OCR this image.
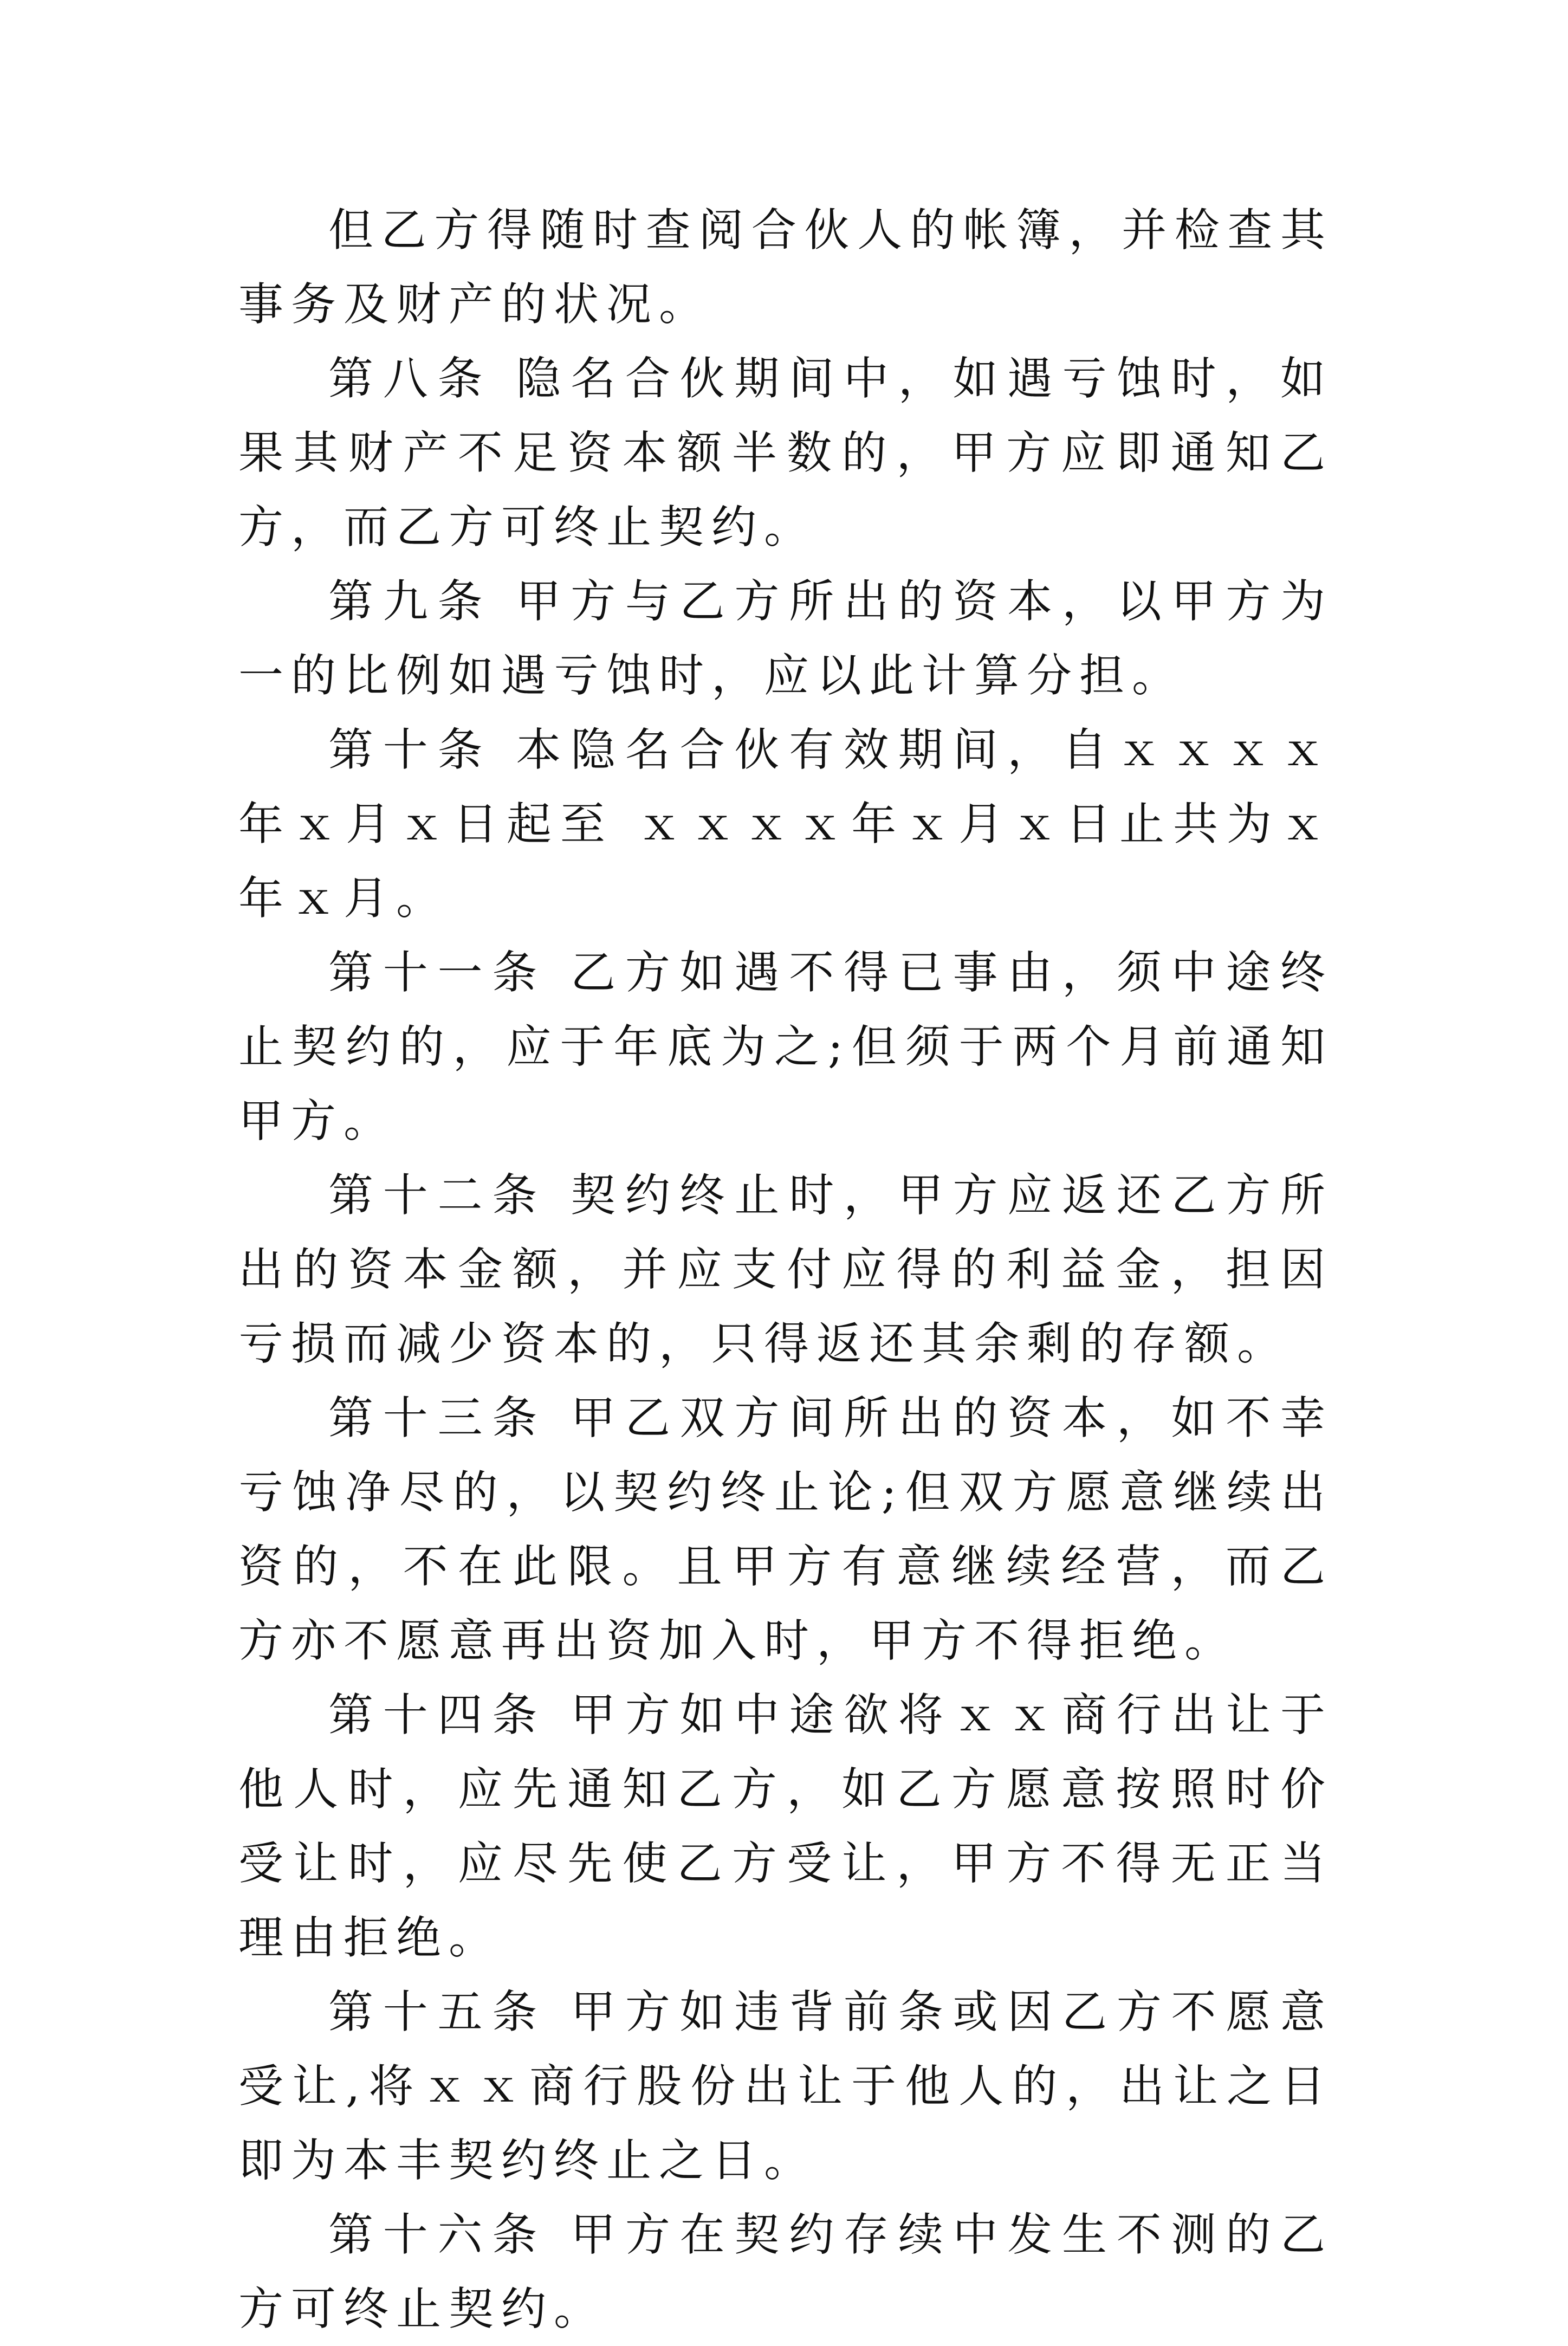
但乙方得随时查阅合伙人的帐簿，并检查其事务及财产的状况。

第八条 隐名合伙期间中，如遇亏蚀时，如果其财产不足资本额半数的，甲方应即通知乙方，而乙方可终止契约。

第九条 甲方与乙方所出的资本，以甲方为一的比例如遇亏蚀时，应以此计算分担。

第十条 本隐名合伙有效期间，自ｘｘｘｘ年ｘ月ｘ日起至 ｘｘｘｘ年ｘ月ｘ日止共为ｘ年ｘ月。

第十一条 乙方如遇不得已事由，须中途终止契约的，应于年底为之;但须于两个月前通知甲方。

第十二条 契约终止时，甲方应返还乙方所出的资本金额，并应支付应得的利益金，担因亏损而减少资本的，只得返还其余剩的存额。

第十三条 甲乙双方间所出的资本，如不幸亏蚀净尽的，以契约终止论;但双方愿意继续出资的，不在此限。且甲方有意继续经营，而乙方亦不愿意再出资加入时，甲方不得拒绝。

第十四条 甲方如中途欲将ｘｘ商行出让于他人时，应先通知乙方，如乙方愿意按照时价受让时，应尽先使乙方受让，甲方不得无正当理由拒绝。

第十五条 甲方如违背前条或因乙方不愿意受让,将ｘｘ商行股份出让于他人的，出让之日即为本丰契约终止之日。

第十六条 甲方在契约存续中发生不测的乙方可终止契约。
